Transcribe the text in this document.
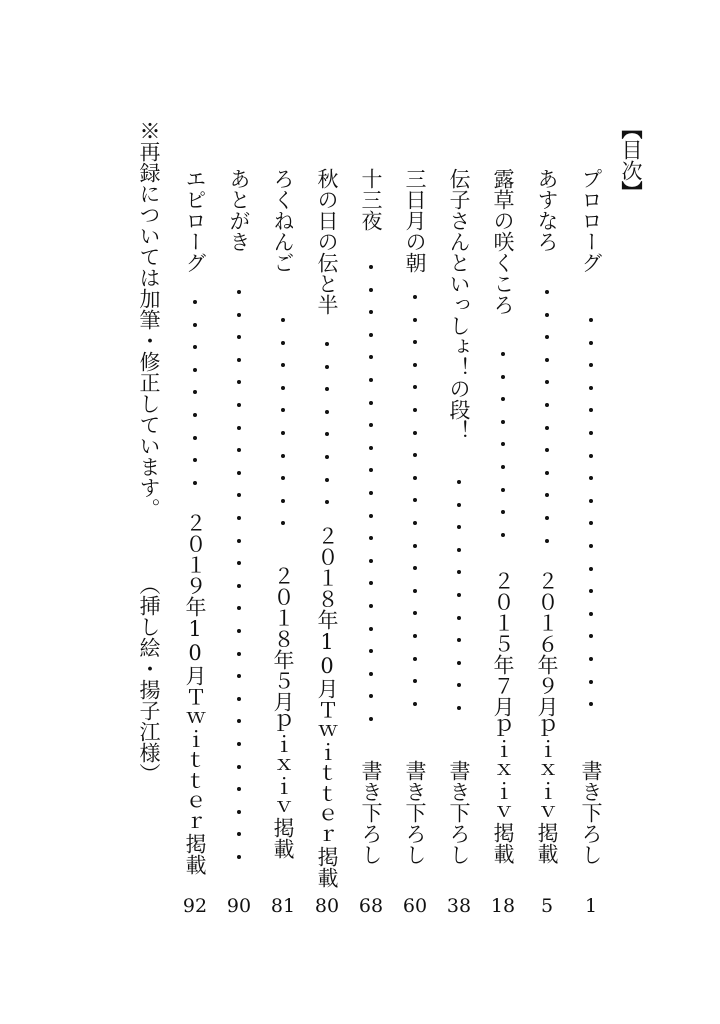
【目次】
プロローグ
書き下ろし
1
あすなろ
２０１６年９月ｐｉｘｉｖ掲載
5
露草の咲くころ
２０１５年７月ｐｉｘｉｖ掲載
18
伝子さんといっしょ！の段！
書き下ろし
38
三日月の朝
書き下ろし
60
十三夜
書き下ろし
68
秋の日の伝と半
２０１８年10月Ｔｗｉｔｔｅｒ掲載
80
ろくねんご
２０１８年５月ｐｉｘｉｖ掲載
81
あとがき
90
エピローグ
２０１９年10月Ｔｗｉｔｔｅｒ掲載
92
※再録については加筆・修正しています。
（挿し絵・揚子江様）
